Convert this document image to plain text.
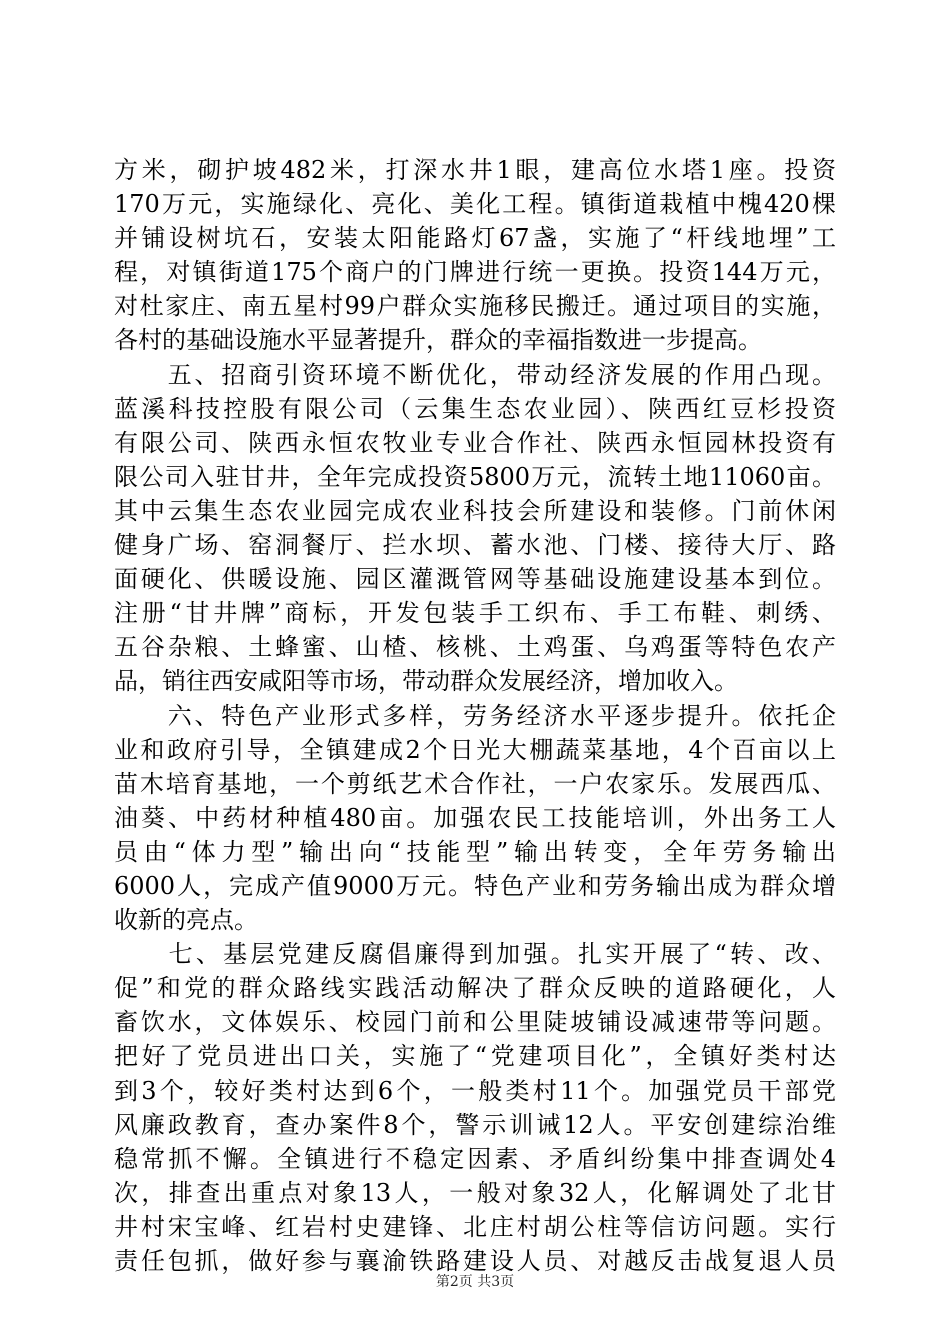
方米，砌护坡482米，打深水井1眼，建高位水塔1座。投资
170万元，实施绿化、亮化、美化工程。镇街道栽植中槐420棵
并铺设树坑石，安装太阳能路灯67盏，实施了“杆线地埋”工
程，对镇街道175个商户的门牌进行统一更换。投资144万元，
对杜家庄、南五星村99户群众实施移民搬迁。通过项目的实施，
各村的基础设施水平显著提升，群众的幸福指数进一步提高。
　　五、招商引资环境不断优化，带动经济发展的作用凸现。
蓝溪科技控股有限公司（云集生态农业园）、陕西红豆杉投资
有限公司、陕西永恒农牧业专业合作社、陕西永恒园林投资有
限公司入驻甘井，全年完成投资5800万元，流转土地11060亩。
其中云集生态农业园完成农业科技会所建设和装修。门前休闲
健身广场、窑洞餐厅、拦水坝、蓄水池、门楼、接待大厅、路
面硬化、供暖设施、园区灌溉管网等基础设施建设基本到位。
注册“甘井牌”商标，开发包装手工织布、手工布鞋、刺绣、
五谷杂粮、土蜂蜜、山楂、核桃、土鸡蛋、乌鸡蛋等特色农产
品，销往西安咸阳等市场，带动群众发展经济，增加收入。
　　六、特色产业形式多样，劳务经济水平逐步提升。依托企
业和政府引导，全镇建成2个日光大棚蔬菜基地，4个百亩以上
苗木培育基地，一个剪纸艺术合作社，一户农家乐。发展西瓜、
油葵、中药材种植480亩。加强农民工技能培训，外出务工人
员由“体力型”输出向“技能型”输出转变，全年劳务输出
6000人，完成产值9000万元。特色产业和劳务输出成为群众增
收新的亮点。
　　七、基层党建反腐倡廉得到加强。扎实开展了“转、改、
促”和党的群众路线实践活动解决了群众反映的道路硬化，人
畜饮水，文体娱乐、校园门前和公里陡坡铺设减速带等问题。
把好了党员进出口关，实施了“党建项目化”，全镇好类村达
到3个，较好类村达到6个，一般类村11个。加强党员干部党
风廉政教育，查办案件8个，警示训诫12人。平安创建综治维
稳常抓不懈。全镇进行不稳定因素、矛盾纠纷集中排查调处4
次，排查出重点对象13人，一般对象32人，化解调处了北甘
井村宋宝峰、红岩村史建锋、北庄村胡公柱等信访问题。实行
责任包抓，做好参与襄渝铁路建设人员、对越反击战复退人员
第2页 共3页
